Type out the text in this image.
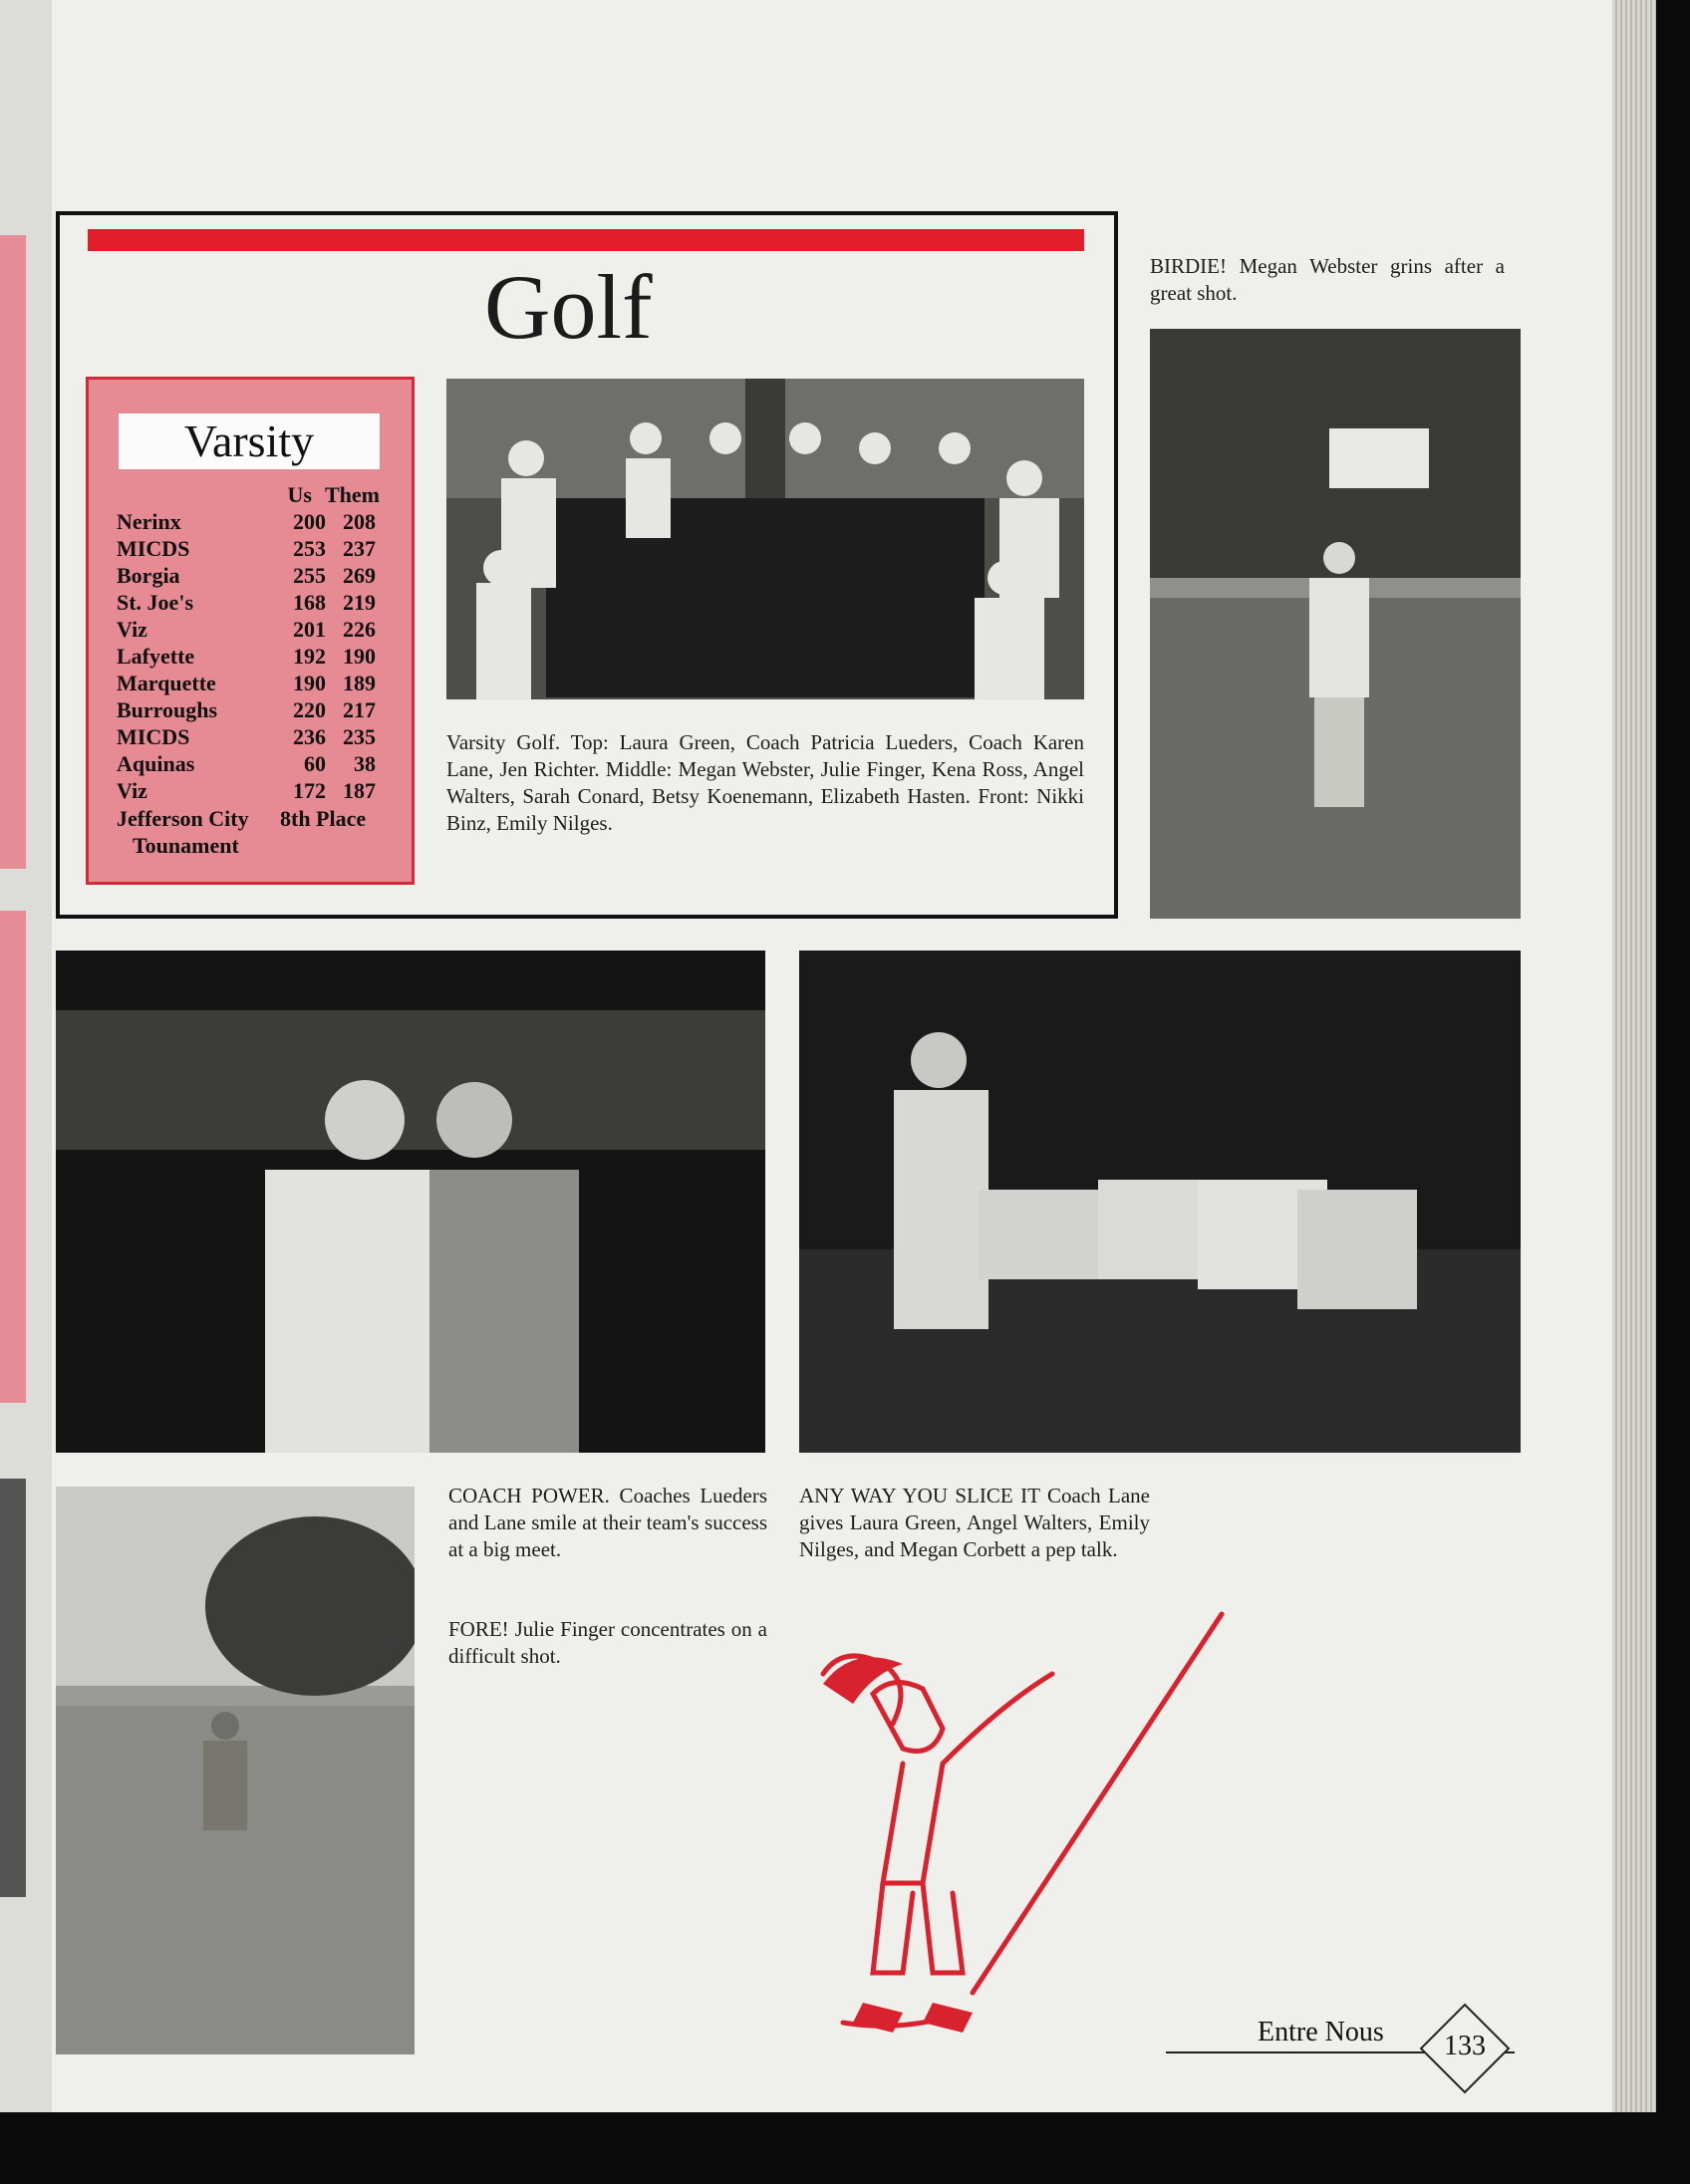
Golf
Varsity
Us Them
Nerinx	200 208
MICDS	253 237
Borgia	255 269
St. Joe's	168 219
Viz	201 226
Lafyette	192 190
Marquette	190 189
Burroughs	220 217
MICDS	236 235
Aquinas	60	38
Viz	172 187
Jefferson City 8th Place
Tounament
Varsity Golf. Top: Laura Green, Coach Patricia Lueders, Coach Karen Lane, Jen Richter. Middle: Megan Webster, Julie Finger, Kena Ross, Angel Walters, Sarah Conard, Betsy Koenemann, Elizabeth Hasten. Front: Nikki Binz, Emily Nilges.
BIRDIE! Megan Webster grins after a great shot.
COACH POWER. Coaches Lueders and Lane smile at their team's success at a big meet.
FORE! Julie Finger concentrates on a difficult shot.
ANY WAY YOU SLICE IT Coach Lane gives Laura Green, Angel Walters, Emily Nilges, and Megan Corbett a pep talk.
Entre Nous	133
